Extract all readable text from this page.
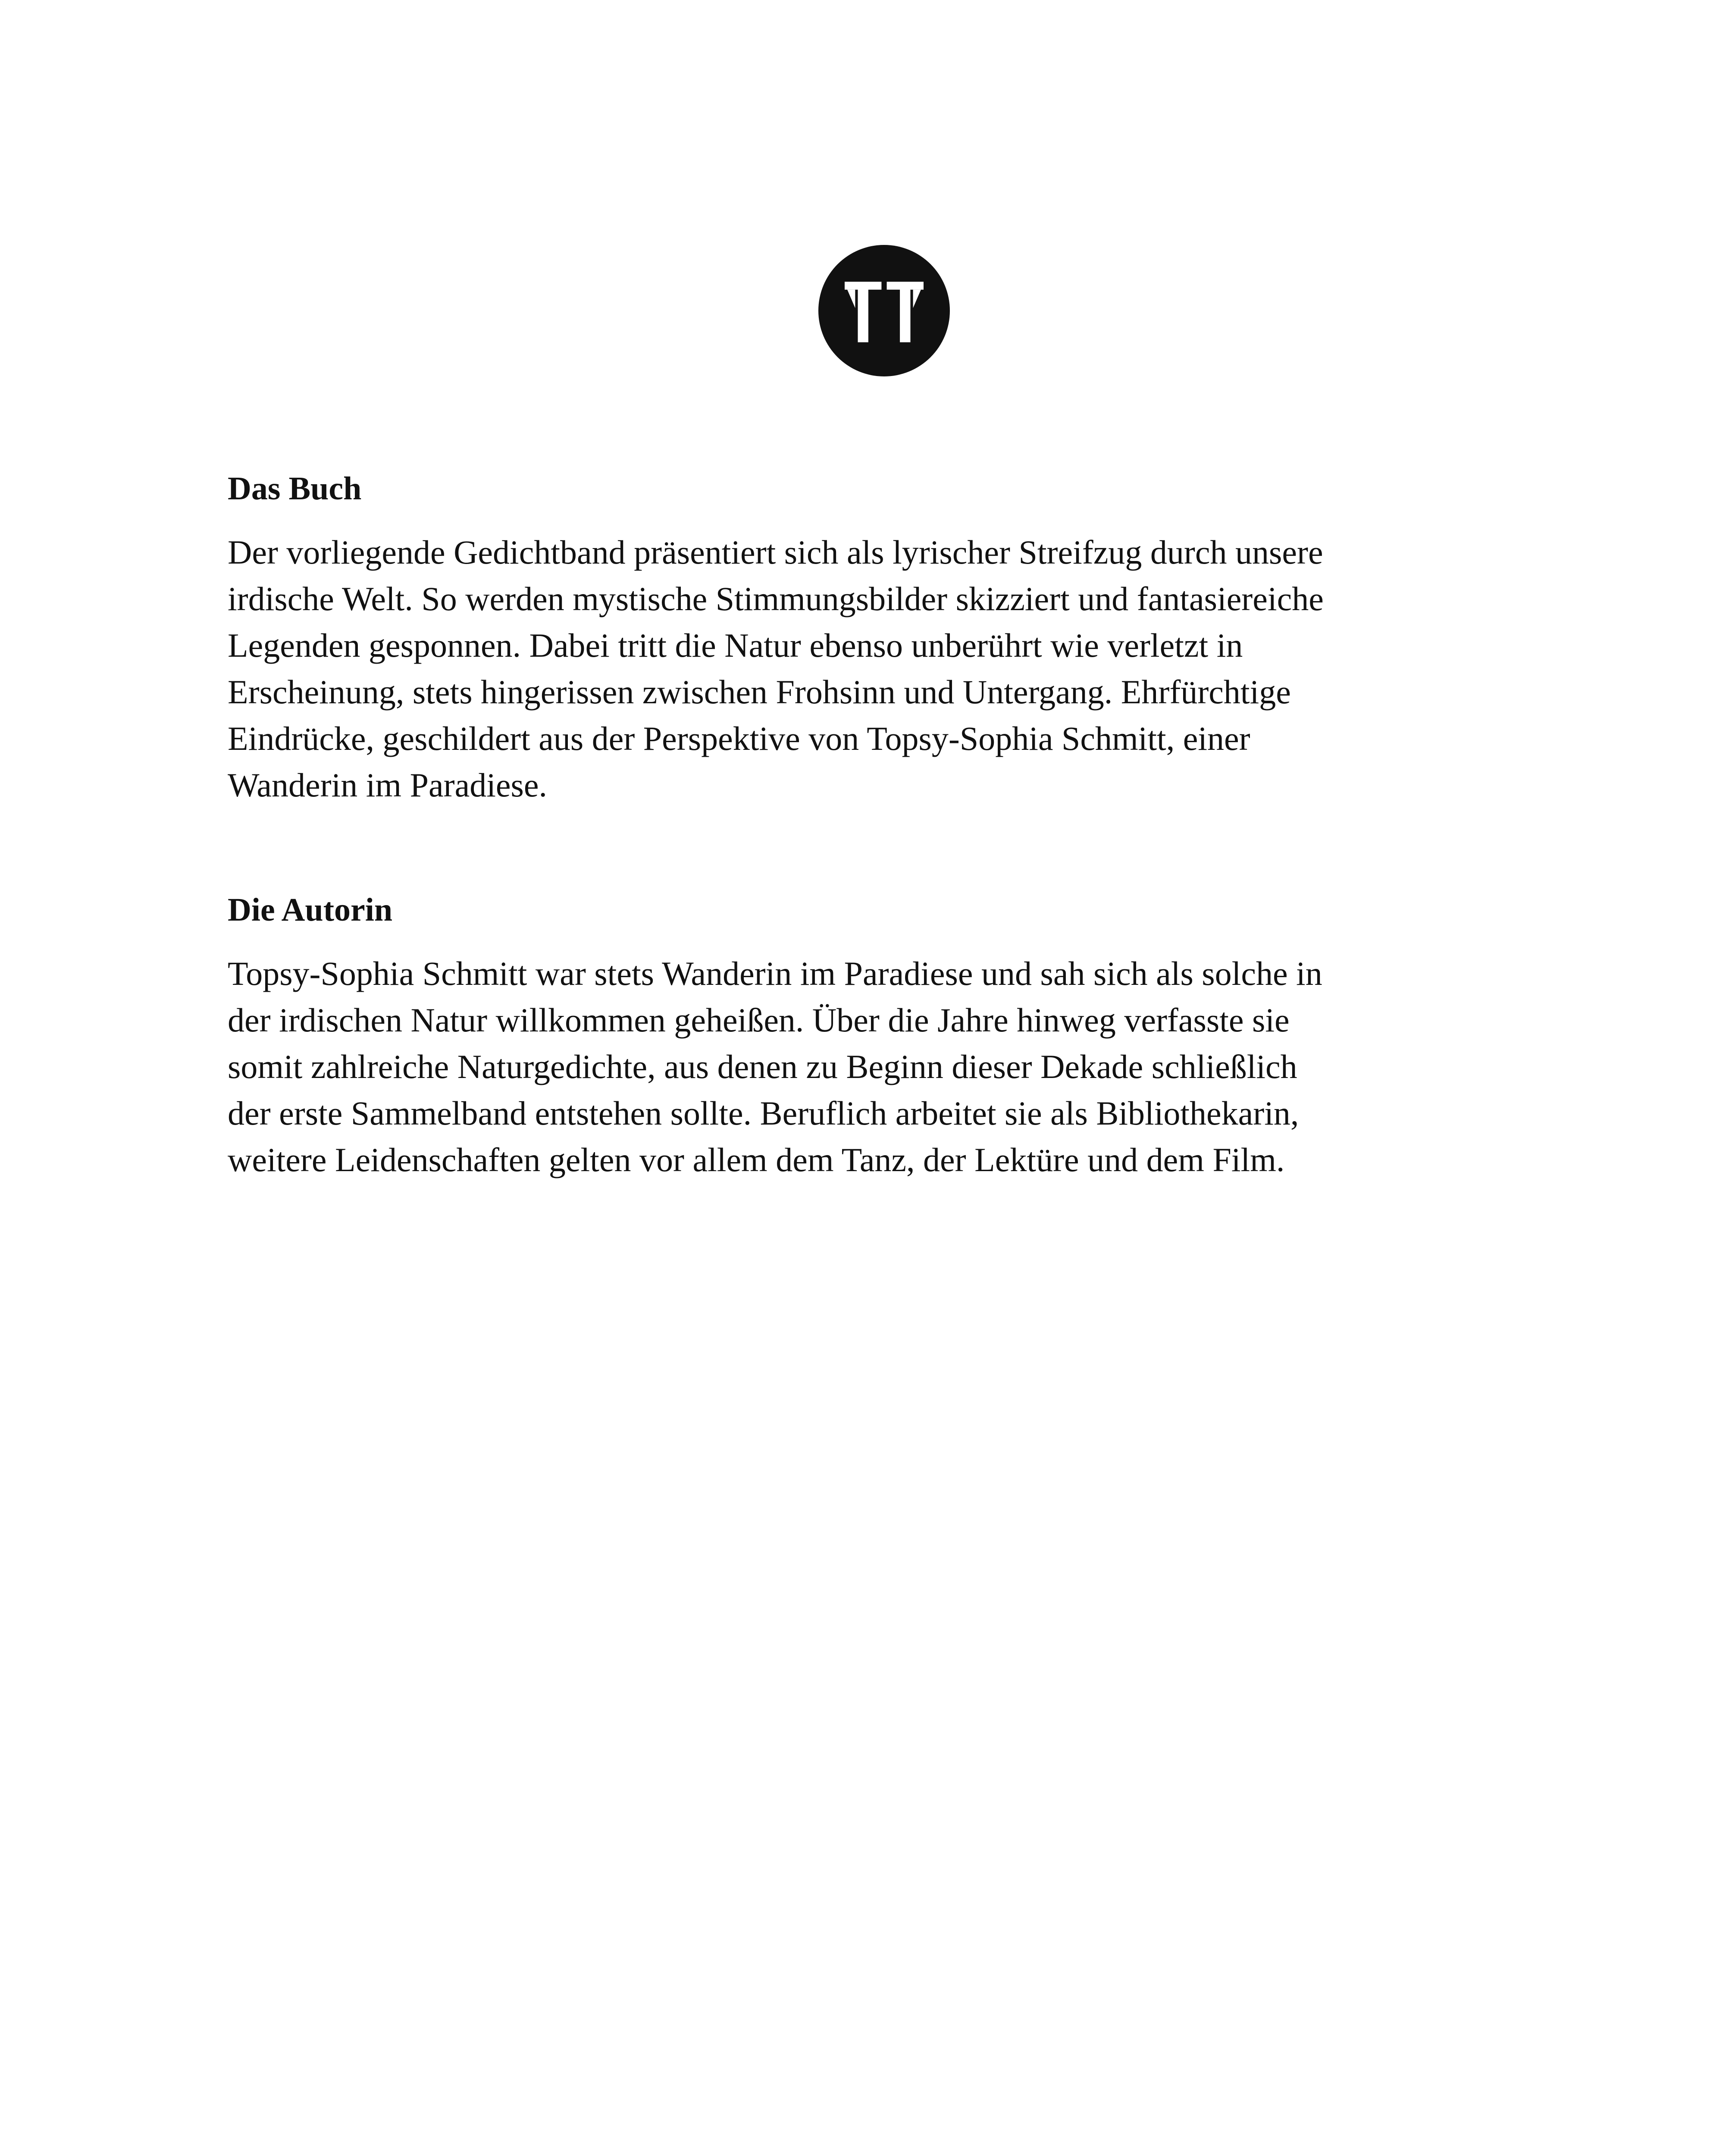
Das Buch

Der vorliegende Gedichtband präsentiert sich als lyrischer Streifzug durch unsere
irdische Welt. So werden mystische Stimmungsbilder skizziert und fantasiereiche
Legenden gesponnen. Dabei tritt die Natur ebenso unberührt wie verletzt in
Erscheinung, stets hingerissen zwischen Frohsinn und Untergang. Ehrfürchtige
Eindrücke, geschildert aus der Perspektive von Topsy-Sophia Schmitt, einer
Wanderin im Paradiese.

Die Autorin

Topsy-Sophia Schmitt war stets Wanderin im Paradiese und sah sich als solche in
der irdischen Natur willkommen geheißen. Über die Jahre hinweg verfasste sie
somit zahlreiche Naturgedichte, aus denen zu Beginn dieser Dekade schließlich
der erste Sammelband entstehen sollte. Beruflich arbeitet sie als Bibliothekarin,
weitere Leidenschaften gelten vor allem dem Tanz, der Lektüre und dem Film.
